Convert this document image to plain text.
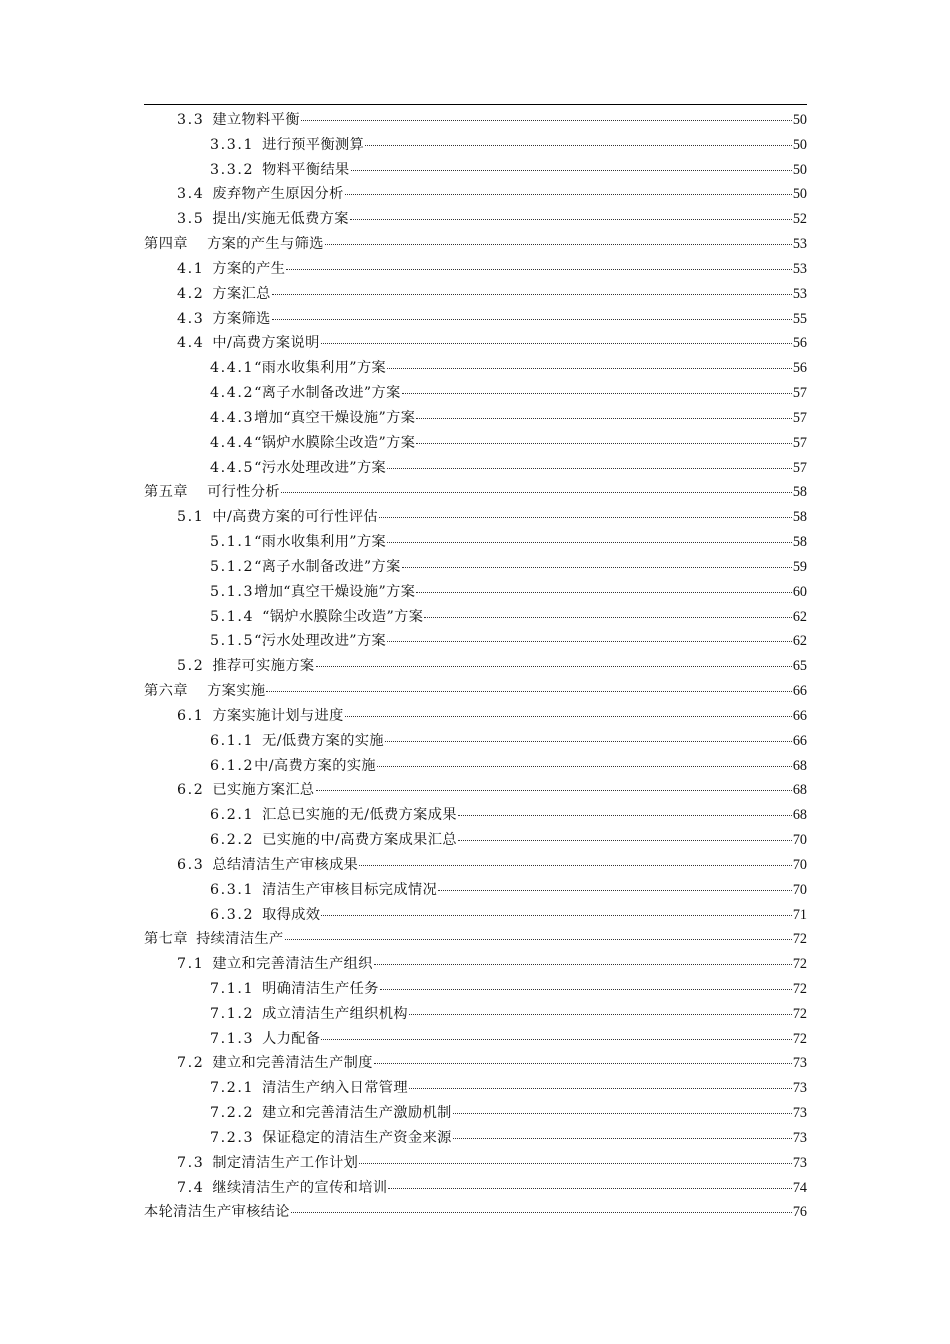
3.3 建立物料平衡	50
3.3.1 进行预平衡测算	50
3.3.2 物料平衡结果	50
3.4 废弃物产生原因分析	50
3.5 提出/实施无低费方案	52
第四章 方案的产生与筛选	53
4.1 方案的产生	53
4.2 方案汇总	53
4.3 方案筛选	55
4.4 中/高费方案说明	56
4.4.1 “雨水收集利用”方案	56
4.4.2 “离子水制备改进”方案	57
4.4.3 增加“真空干燥设施”方案	57
4.4.4 “锅炉水膜除尘改造”方案	57
4.4.5 “污水处理改进”方案	57
第五章 可行性分析	58
5.1 中/高费方案的可行性评估	58
5.1.1 “雨水收集利用”方案	58
5.1.2 “离子水制备改进”方案	59
5.1.3 增加“真空干燥设施”方案	60
5.1.4 “锅炉水膜除尘改造”方案	62
5.1.5 “污水处理改进”方案	62
5.2 推荐可实施方案	65
第六章 方案实施	66
6.1 方案实施计划与进度	66
6.1.1 无/低费方案的实施	66
6.1.2 中/高费方案的实施	68
6.2 已实施方案汇总	68
6.2.1 汇总已实施的无/低费方案成果	68
6.2.2 已实施的中/高费方案成果汇总	70
6.3 总结清洁生产审核成果	70
6.3.1 清洁生产审核目标完成情况	70
6.3.2 取得成效	71
第七章 持续清洁生产	72
7.1 建立和完善清洁生产组织	72
7.1.1 明确清洁生产任务	72
7.1.2 成立清洁生产组织机构	72
7.1.3 人力配备	72
7.2 建立和完善清洁生产制度	73
7.2.1 清洁生产纳入日常管理	73
7.2.2 建立和完善清洁生产激励机制	73
7.2.3 保证稳定的清洁生产资金来源	73
7.3 制定清洁生产工作计划	73
7.4 继续清洁生产的宣传和培训	74
本轮清洁生产审核结论	76
